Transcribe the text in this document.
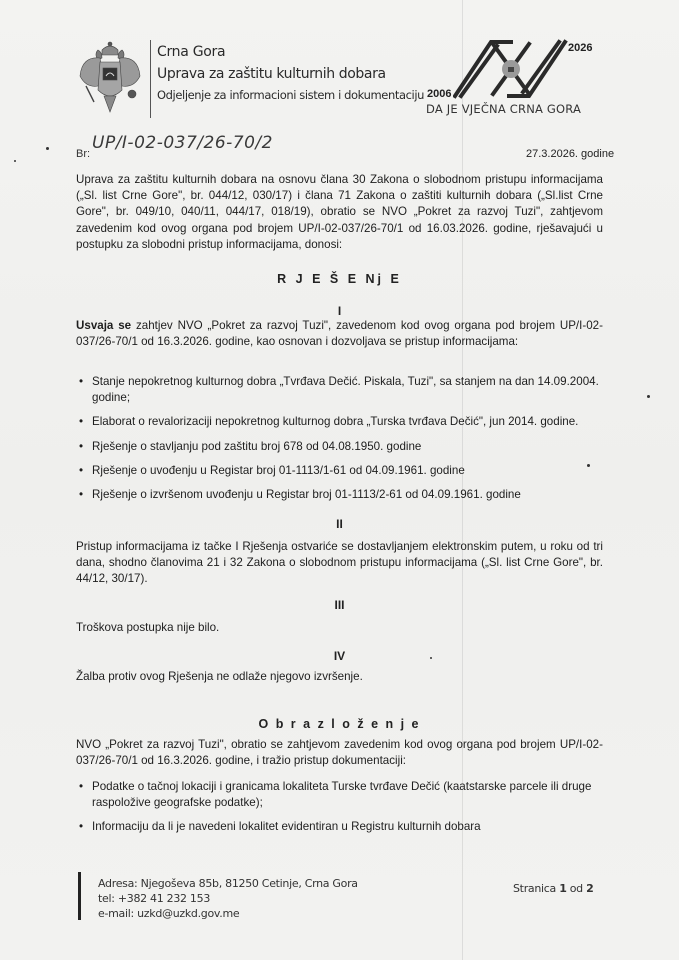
Crna Gora
Uprava za zaštitu kulturnih dobara
Odjeljenje za informacioni sistem i dokumentaciju
2026
2006
DA JE VJEČNA CRNA GORA
Br:
UP/I-02-037/26-70/2
27.3.2026. godine

Uprava za zaštitu kulturnih dobara na osnovu člana 30 Zakona o slobodnom pristupu informacijama („Sl. list Crne Gore", br. 044/12, 030/17) i člana 71 Zakona o zaštiti kulturnih dobara („Sl.list Crne Gore", br. 049/10, 040/11, 044/17, 018/19), obratio se NVO „Pokret za razvoj Tuzi", zahtjevom zavedenim kod ovog organa pod brojem UP/I-02-037/26-70/1 od 16.03.2026. godine, rješavajući u postupku za slobodni pristup informacijama, donosi:

R J E Š E Nj E
I

Usvaja se zahtjev NVO „Pokret za razvoj Tuzi", zavedenom kod ovog organa pod brojem UP/I-02-037/26-70/1 od 16.3.2026. godine, kao osnovan i dozvoljava se pristup informacijama:

• Stanje nepokretnog kulturnog dobra „Tvrđava Dečić. Piskala, Tuzi", sa stanjem na dan 14.09.2004. godine;
• Elaborat o revalorizaciji nepokretnog kulturnog dobra „Turska tvrđava Dečić", jun 2014. godine.
• Rješenje o stavljanju pod zaštitu broj 678 od 04.08.1950. godine
• Rješenje o uvođenju u Registar broj 01-1113/1-61 od 04.09.1961. godine
• Rješenje o izvršenom uvođenju u Registar broj 01-1113/2-61 od 04.09.1961. godine
II

Pristup informacijama iz tačke I Rješenja ostvariće se dostavljanjem elektronskim putem, u roku od tri dana, shodno članovima 21 i 32 Zakona o slobodnom pristupu informacijama („Sl. list Crne Gore", br. 44/12, 30/17).

III

Troškova postupka nije bilo.

IV

Žalba protiv ovog Rješenja ne odlaže njegovo izvršenje.

O b r a z l o ž e n j e

NVO „Pokret za razvoj Tuzi", obratio se zahtjevom zavedenim kod ovog organa pod brojem UP/I-02-037/26-70/1 od 16.3.2026. godine, i tražio pristup dokumentaciji:

• Podatke o tačnoj lokaciji i granicama lokaliteta Turske tvrđave Dečić (kaatstarske parcele ili druge raspoložive geografske podatke);
• Informaciju da li je navedeni lokalitet evidentiran u Registru kulturnih dobara
Adresa: Njegoševa 85b, 81250 Cetinje, Crna Gora
tel: +382 41 232 153
e-mail: uzkd@uzkd.gov.me
Stranica 1 od 2
